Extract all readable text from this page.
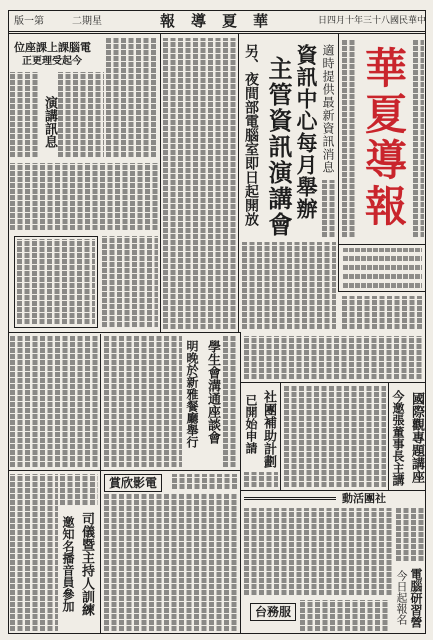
第一版	星期二	華夏導報	中華民國八十三年十月四日
華夏導報
適時提供最新資訊消息
資訊中心每月舉辦
主管資訊演講會
另、夜間部電腦室即日起開放
電腦課上課座位
今起受理更正
演講訊息
學生會溝通座談會
明晚於新雅餐廳舉行
電影欣賞
司儀暨主持人訓練
邀知名播音員參加
社團補助計劃
已開始申請	國際觀專題講座
今邀張董事長主講
社團活動
電腦研習營
今日起報名
服務台
